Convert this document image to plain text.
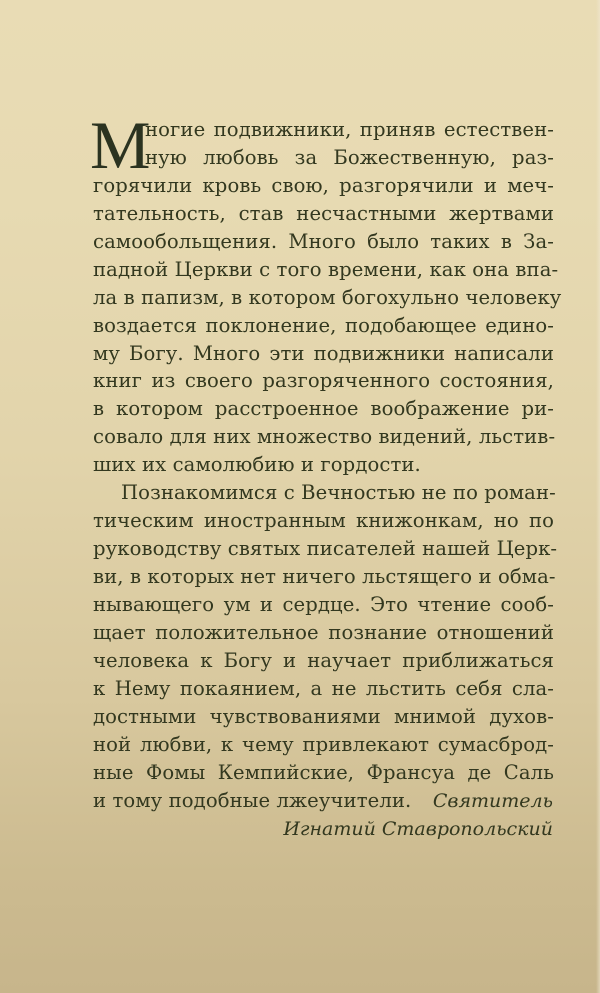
М
ногие подвижники, приняв естествен-
ную любовь за Божественную, раз-
горячили кровь свою, разгорячили и меч-
тательность, став несчастными жертвами
самообольщения. Много было таких в За-
падной Церкви с того времени, как она впа-
ла в папизм, в котором богохульно человеку
воздается поклонение, подобающее едино-
му Богу. Много эти подвижники написали
книг из своего разгоряченного состояния,
в котором расстроенное воображение ри-
совало для них множество видений, льстив-
ших их самолюбию и гордости.
Познакомимся с Вечностью не по роман-
тическим иностранным книжонкам, но по
руководству святых писателей нашей Церк-
ви, в которых нет ничего льстящего и обма-
нывающего ум и сердце. Это чтение сооб-
щает положительное познание отношений
человека к Богу и научает приближаться
к Нему покаянием, а не льстить себя сла-
достными чувствованиями мнимой духов-
ной любви, к чему привлекают сумасброд-
ные Фомы Кемпийские, Франсуа де Саль
и тому подобные лжеучители.	Святитель
Игнатий Ставропольский
